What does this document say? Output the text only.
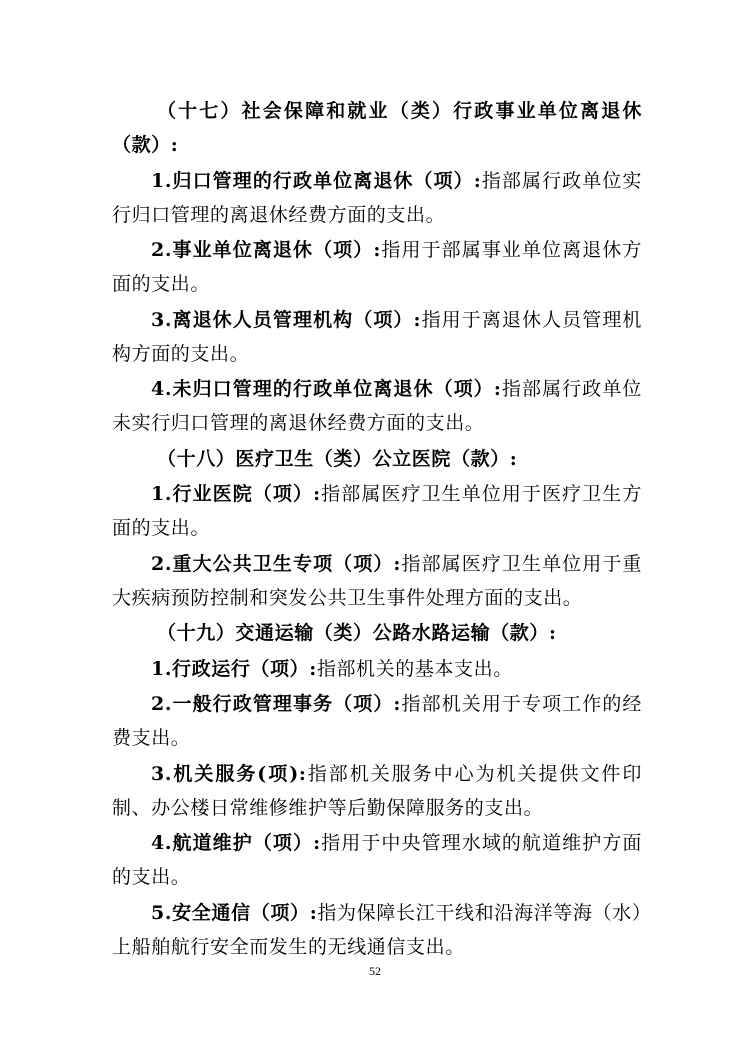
（十七）社会保障和就业（类）行政事业单位离退休（款）:

1.归口管理的行政单位离退休（项）:指部属行政单位实行归口管理的离退休经费方面的支出。

2.事业单位离退休（项）:指用于部属事业单位离退休方面的支出。

3.离退休人员管理机构（项）:指用于离退休人员管理机构方面的支出。

4.未归口管理的行政单位离退休（项）:指部属行政单位未实行归口管理的离退休经费方面的支出。

（十八）医疗卫生（类）公立医院（款）:

1.行业医院（项）:指部属医疗卫生单位用于医疗卫生方面的支出。

2.重大公共卫生专项（项）:指部属医疗卫生单位用于重大疾病预防控制和突发公共卫生事件处理方面的支出。

（十九）交通运输（类）公路水路运输（款）:

1.行政运行（项）:指部机关的基本支出。

2.一般行政管理事务（项）:指部机关用于专项工作的经费支出。

3.机关服务(项):指部机关服务中心为机关提供文件印制、办公楼日常维修维护等后勤保障服务的支出。

4.航道维护（项）:指用于中央管理水域的航道维护方面的支出。

5.安全通信（项）:指为保障长江干线和沿海洋等海（水）上船舶航行安全而发生的无线通信支出。

52
